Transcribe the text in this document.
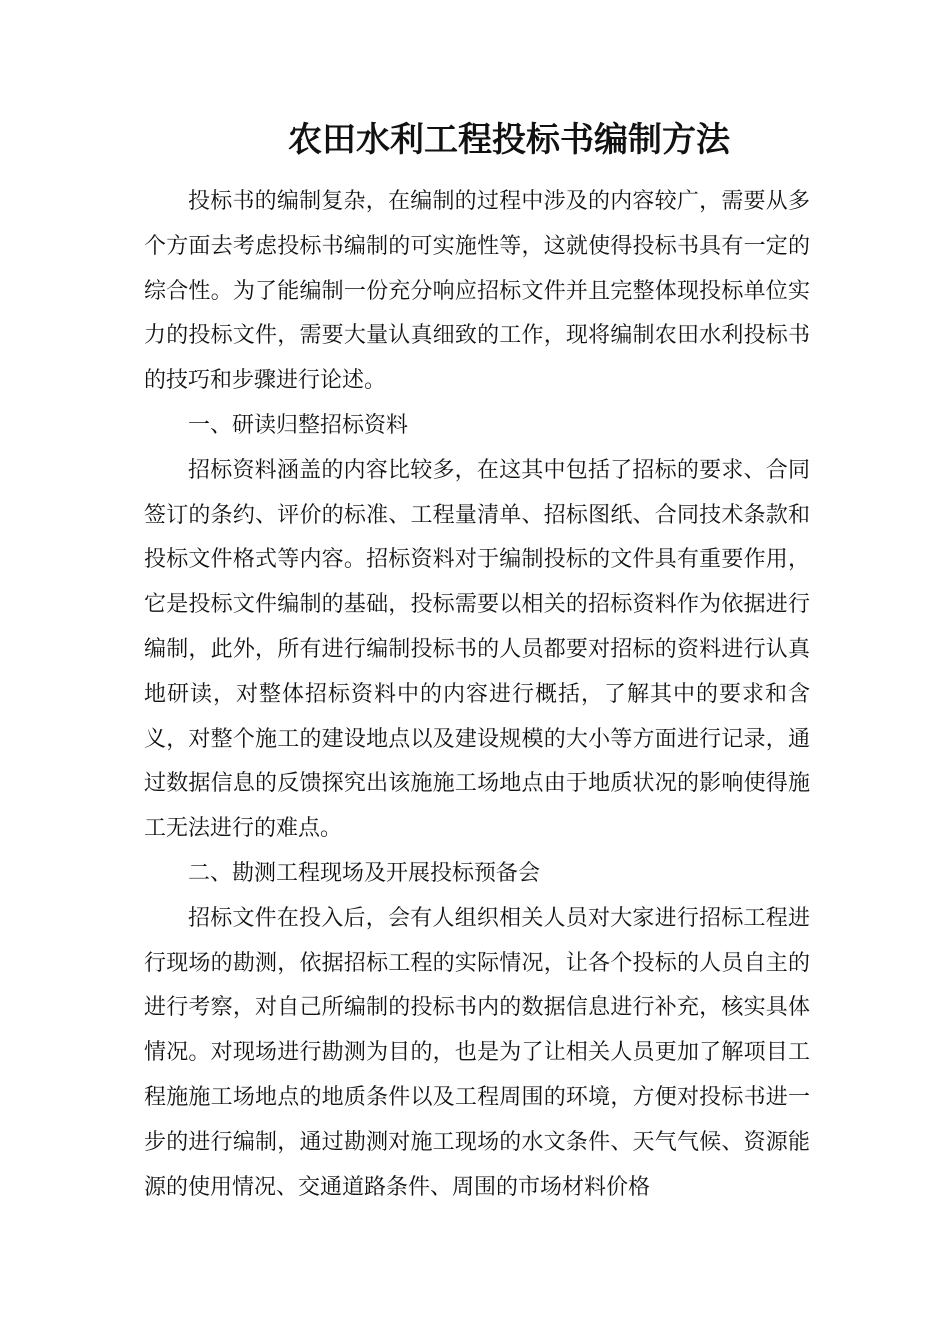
农田水利工程投标书编制方法

投标书的编制复杂，在编制的过程中涉及的内容较广，需要从多个方面去考虑投标书编制的可实施性等，这就使得投标书具有一定的综合性。为了能编制一份充分响应招标文件并且完整体现投标单位实力的投标文件，需要大量认真细致的工作，现将编制农田水利投标书的技巧和步骤进行论述。

一、研读归整招标资料

招标资料涵盖的内容比较多，在这其中包括了招标的要求、合同签订的条约、评价的标准、工程量清单、招标图纸、合同技术条款和投标文件格式等内容。招标资料对于编制投标的文件具有重要作用，它是投标文件编制的基础，投标需要以相关的招标资料作为依据进行编制，此外，所有进行编制投标书的人员都要对招标的资料进行认真地研读，对整体招标资料中的内容进行概括，了解其中的要求和含义，对整个施工的建设地点以及建设规模的大小等方面进行记录，通过数据信息的反馈探究出该施施工场地点由于地质状况的影响使得施工无法进行的难点。

二、勘测工程现场及开展投标预备会

招标文件在投入后，会有人组织相关人员对大家进行招标工程进行现场的勘测，依据招标工程的实际情况，让各个投标的人员自主的进行考察，对自己所编制的投标书内的数据信息进行补充，核实具体情况。对现场进行勘测为目的，也是为了让相关人员更加了解项目工程施施工场地点的地质条件以及工程周围的环境，方便对投标书进一步的进行编制，通过勘测对施工现场的水文条件、天气气候、资源能源的使用情况、交通道路条件、周围的市场材料价格
